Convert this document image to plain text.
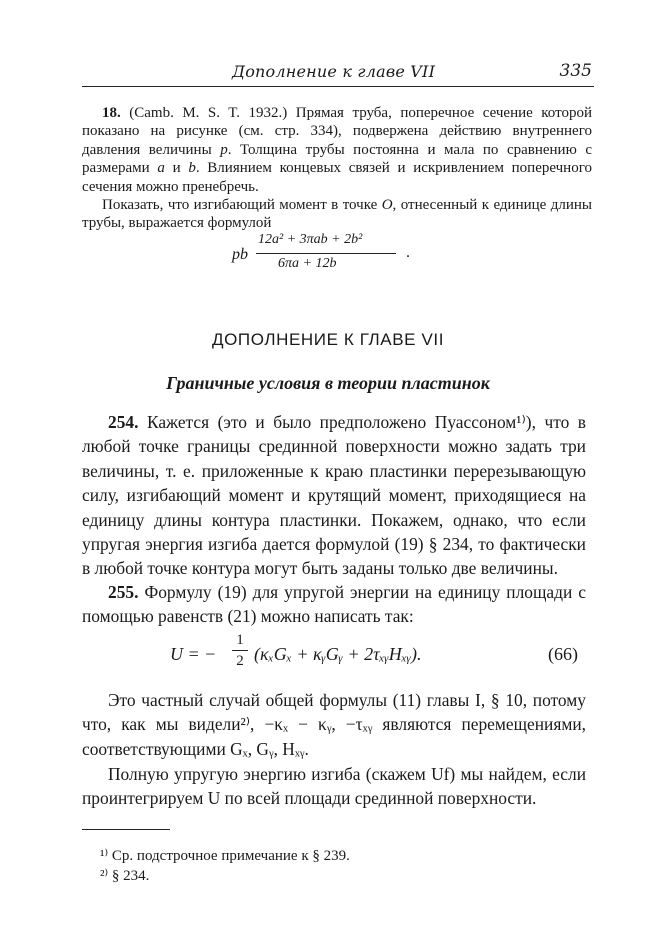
Дополнение к главе VII	335

18. (Camb. M. S. T. 1932.) Прямая труба, поперечное сечение которой показано на рисунке (см. стр. 334), подвержена действию внутреннего давления величины p. Толщина трубы постоянна и мала по сравнению с размерами a и b. Влиянием концевых связей и искривлением поперечного сечения можно пренебречь.

Показать, что изгибающий момент в точке O, отнесенный к единице длины трубы, выражается формулой

pb
12a² + 3πab + 2b²
6πa + 12b
.
ДОПОЛНЕНИЕ К ГЛАВЕ VII
Граничные условия в теории пластинок

254. Кажется (это и было предположено Пуассоном¹⁾), что в любой точке границы срединной поверхности можно задать три величины, т. е. приложенные к краю пластинки перерезывающую силу, изгибающий момент и крутящий момент, приходящиеся на единицу длины контура пластинки. Покажем, однако, что если упругая энергия изгиба дается формулой (19) § 234, то фактически в любой точке контура могут быть заданы только две величины.

255. Формулу (19) для упругой энергии на единицу площади с помощью равенств (21) можно написать так:

U = − $\frac{1}{2} (\kappa_xG_x$ + κᵧGᵧ + 2τₓᵧHₓᵧ).	(66)

Это частный случай общей формулы (11) главы I, § 10, потому что, как мы видели²⁾, −κₓ − κᵧ, −τₓᵧ являются перемещениями, соответствующими Gₓ, Gᵧ, Hₓᵧ.

Полную упругую энергию изгиба (скажем Uf) мы найдем, если проинтегрируем U по всей площади срединной поверхности.

¹⁾ Ср. подстрочное примечание к § 239.
²⁾ § 234.
